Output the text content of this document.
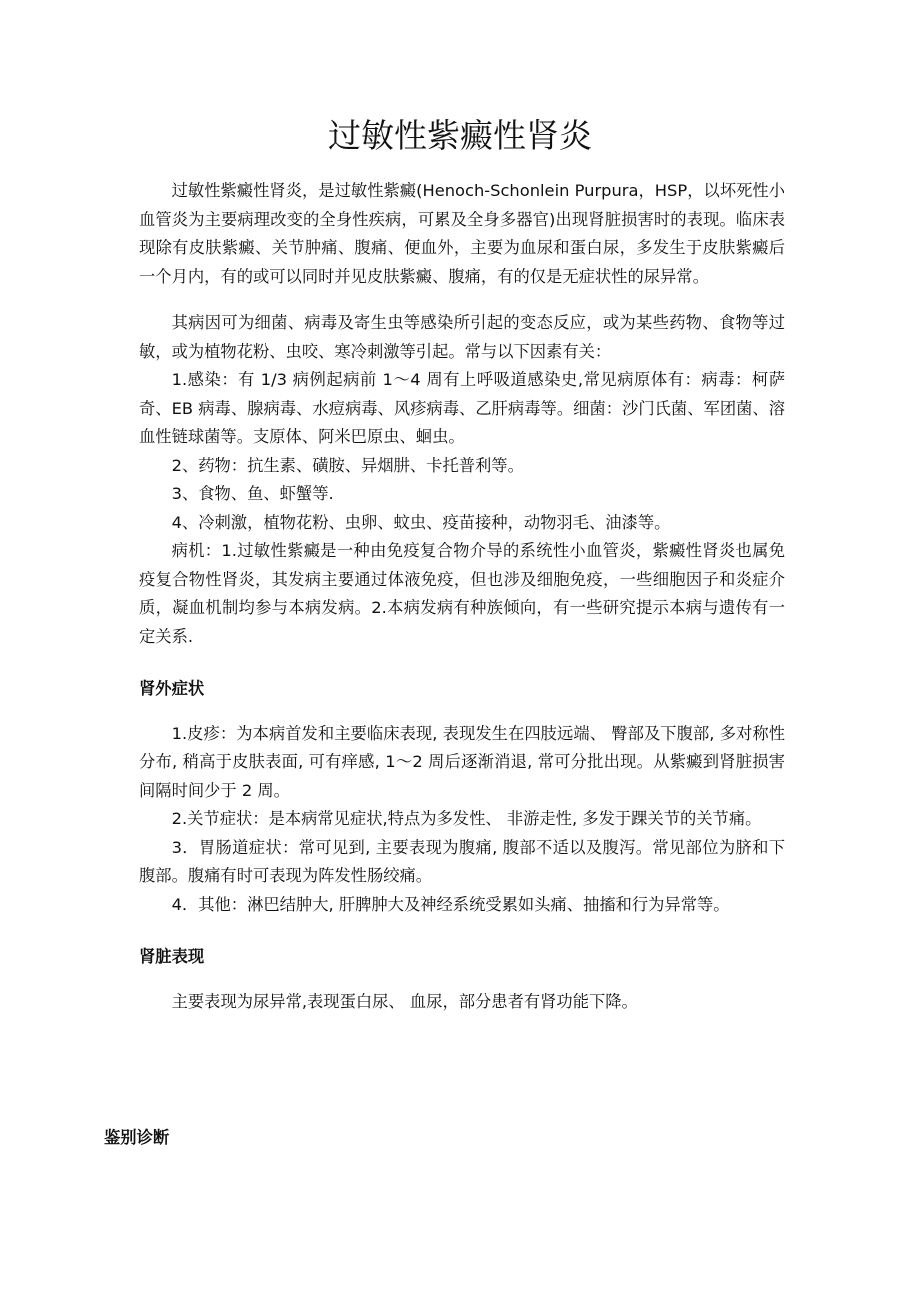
过敏性紫癜性肾炎

过敏性紫癜性肾炎，是过敏性紫癜(Henoch-Schonlein Purpura，HSP，以坏死性小血管炎为主要病理改变的全身性疾病，可累及全身多器官)出现肾脏损害时的表现。临床表现除有皮肤紫癜、关节肿痛、腹痛、便血外，主要为血尿和蛋白尿，多发生于皮肤紫癜后一个月内，有的或可以同时并见皮肤紫癜、腹痛，有的仅是无症状性的尿异常。

其病因可为细菌、病毒及寄生虫等感染所引起的变态反应，或为某些药物、食物等过敏，或为植物花粉、虫咬、寒冷刺激等引起。常与以下因素有关：

1.感染：有 1/3 病例起病前 1～4 周有上呼吸道感染史,常见病原体有：病毒：柯萨奇、EB 病毒、腺病毒、水痘病毒、风疹病毒、乙肝病毒等。细菌：沙门氏菌、军团菌、溶血性链球菌等。支原体、阿米巴原虫、蛔虫。

2、药物：抗生素、磺胺、异烟肼、卡托普利等。

3、食物、鱼、虾蟹等.

4、冷刺激，植物花粉、虫卵、蚊虫、疫苗接种，动物羽毛、油漆等。

病机：1.过敏性紫癜是一种由免疫复合物介导的系统性小血管炎，紫癜性肾炎也属免疫复合物性肾炎，其发病主要通过体液免疫，但也涉及细胞免疫，一些细胞因子和炎症介质，凝血机制均参与本病发病。2.本病发病有种族倾向，有一些研究提示本病与遗传有一定关系.

肾外症状

1.皮疹：为本病首发和主要临床表现, 表现发生在四肢远端、 臀部及下腹部, 多对称性分布, 稍高于皮肤表面, 可有痒感, 1～2 周后逐渐消退, 常可分批出现。从紫癜到肾脏损害间隔时间少于 2 周。

2.关节症状：是本病常见症状,特点为多发性、 非游走性, 多发于踝关节的关节痛。

3．胃肠道症状：常可见到, 主要表现为腹痛, 腹部不适以及腹泻。常见部位为脐和下腹部。腹痛有时可表现为阵发性肠绞痛。

4．其他：淋巴结肿大, 肝脾肿大及神经系统受累如头痛、抽搐和行为异常等。

肾脏表现

主要表现为尿异常,表现蛋白尿、 血尿，部分患者有肾功能下降。

鉴别诊断
